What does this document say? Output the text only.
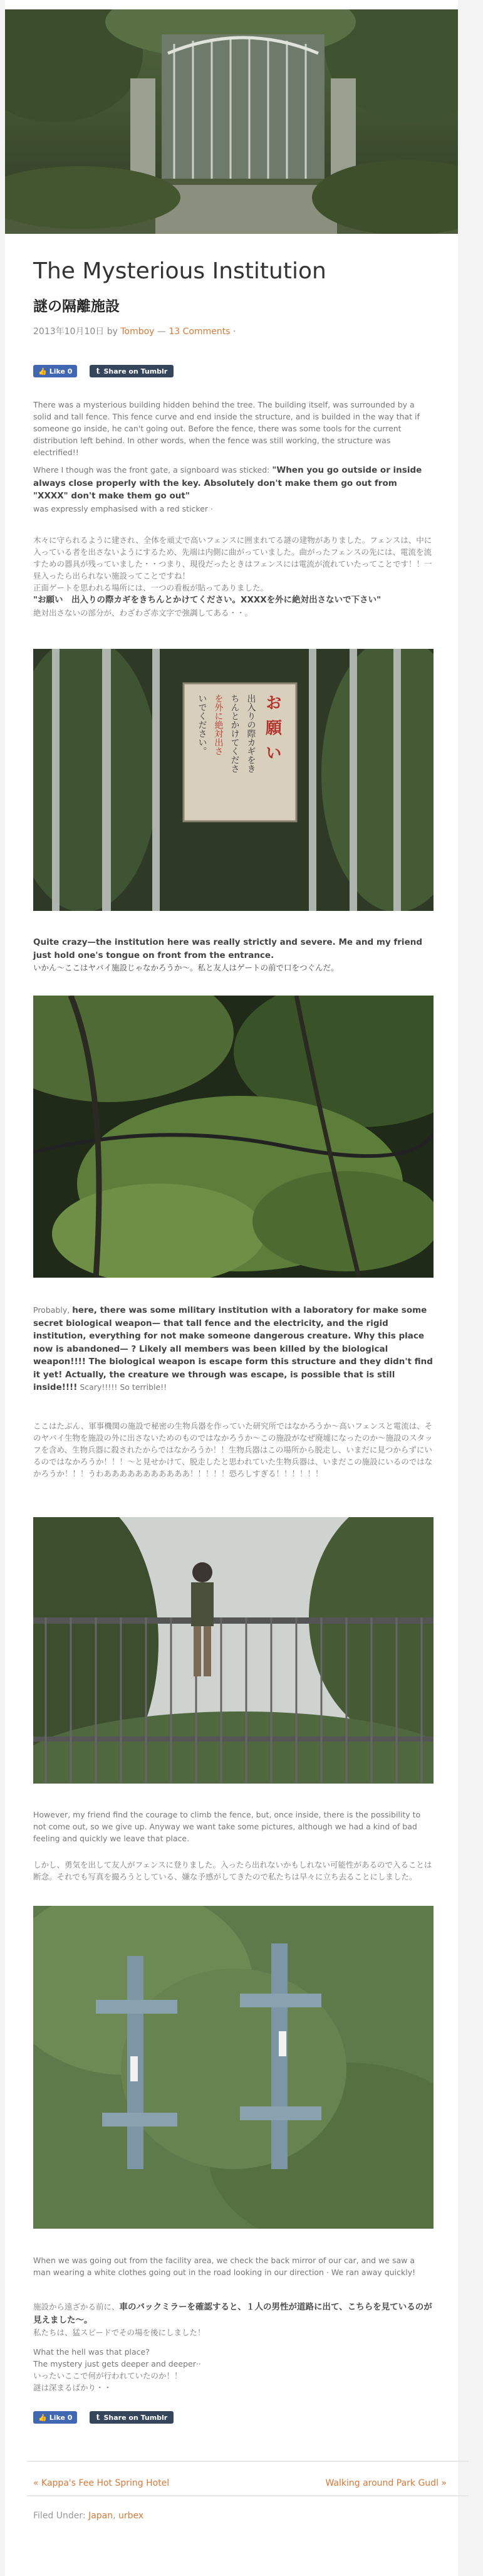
The Mysterious Institution
謎の隔離施設
2013年10月10日 by Tomboy — 13 Comments ·
👍 Like 0	t Share on Tumblr

There was a mysterious building hidden behind the tree. The building itself, was surrounded by a solid and tall fence. This fence curve and end inside the structure, and is builded in the way that if someone go inside, he can't going out. Before the fence, there was some tools for the current distribution left behind. In other words, when the fence was still working, the structure was electrified!!

Where I though was the front gate, a signboard was sticked: "When you go outside or inside always close properly with the key. Absolutely don't make them go out from "XXXX" don't make them go out"
was expressly emphasised with a red sticker ·

木々に守られるように建され、全体を頑丈で高いフェンスに囲まれてる謎の建物がありました。フェンスは、中に入っている者を出さないようにするため、先端は内側に曲がっていました。曲がったフェンスの先には、電流を流すための器具が残っていました・・つまり、現役だったときはフェンスには電流が流れていたってことです！！一昼入ったら出られない施設ってことですね！
正面ゲートを思われる場所には、一つの看板が貼ってありました。
"お願い　出入りの際カギをきちんとかけてください。XXXXを外に絶対出さないで下さい"
絶対出さないの部分が、わざわざ赤文字で強調してある・・。

お願い
出入りの際カギをき
ちんとかけてくださ
を外に絶対出さ
いでください。

Quite crazy—the institution here was really strictly and severe. Me and my friend just hold one's tongue on front from the entrance.
いかん〜ここはヤバイ施設じゃなかろうか〜。私と友人はゲートの前で口をつぐんだ。

Probably, here, there was some military institution with a laboratory for make some secret biological weapon— that tall fence and the electricity, and the rigid institution, everything for not make someone dangerous creature. Why this place now is abandoned— ? Likely all members was been killed by the biological weapon!!!! The biological weapon is escape form this structure and they didn't find it yet! Actually, the creature we through was escape, is possible that is still inside!!!! Scary!!!!! So terrible!!

ここはたぶん、軍事機関の施設で秘密の生物兵器を作っていた研究所ではなかろうか～高いフェンスと電流は、そのヤバイ生物を施設の外に出さないためのものではなかろうか～この施設がなぜ廃墟になったのか～施設のスタッフを含め、生物兵器に殺されたからではなかろうか！！生物兵器はこの場所から脱走し、いまだに見つからずにいるのではなかろうか！！！～と見せかけて、脱走したと思われていた生物兵器は、いまだこの施設にいるのではなかろうか！！！うわあああああああああああ！！！！！恐ろしすぎる！！！！！！

However, my friend find the courage to climb the fence, but, once inside, there is the possibility to not come out, so we give up. Anyway we want take some pictures, although we had a kind of bad feeling and quickly we leave that place.

しかし、勇気を出して友人がフェンスに登りました。入ったら出れないかもしれない可能性があるので入ることは断念。それでも写真を撮ろうとしている、嫌な予感がしてきたので私たちは早々に立ち去ることにしました。

When we was going out from the facility area, we check the back mirror of our car, and we saw a man wearing a white clothes going out in the road looking in our direction · We ran away quickly!

施設から遠ざかる前に、車のバックミラーを確認すると、１人の男性が道路に出て、こちらを見ているのが見えました〜。
私たちは、猛スピードでその場を後にしました！

What the hell was that place?
The mystery just gets deeper and deeper··
いったいここで何が行われていたのか！！
謎は深まるばかり・・

👍 Like 0	t Share on Tumblr
« Kappa's Fee Hot Spring Hotel	Walking around Park Gudl »
Filed Under: Japan, urbex
